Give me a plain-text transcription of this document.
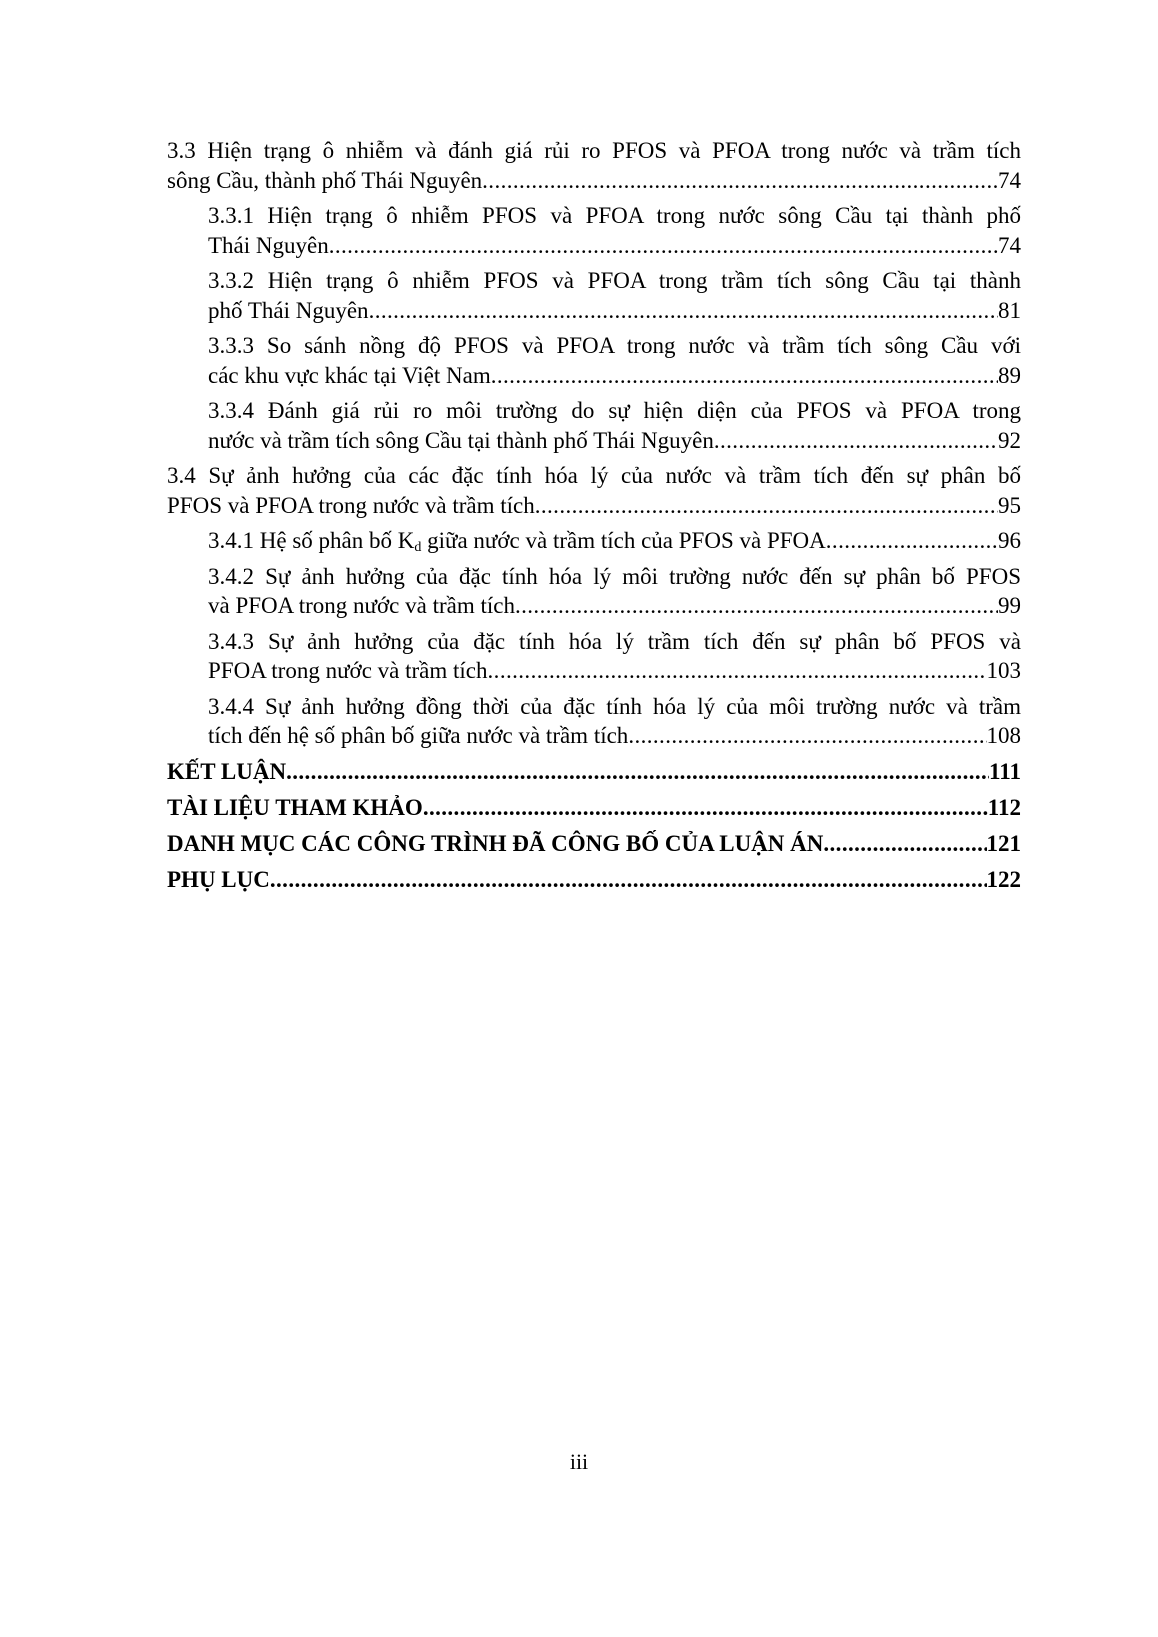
3.3 Hiện trạng ô nhiễm và đánh giá rủi ro PFOS và PFOA trong nước và trầm tích
sông Cầu, thành phố Thái Nguyên .....	74
3.3.1 Hiện trạng ô nhiễm PFOS và PFOA trong nước sông Cầu tại thành phố
Thái Nguyên .....	74
3.3.2 Hiện trạng ô nhiễm PFOS và PFOA trong trầm tích sông Cầu tại thành
phố Thái Nguyên .....	81
3.3.3 So sánh nồng độ PFOS và PFOA trong nước và trầm tích sông Cầu với
các khu vực khác tại Việt Nam .....	89
3.3.4 Đánh giá rủi ro môi trường do sự hiện diện của PFOS và PFOA trong
nước và trầm tích sông Cầu tại thành phố Thái Nguyên .....	92
3.4 Sự ảnh hưởng của các đặc tính hóa lý của nước và trầm tích đến sự phân bố
PFOS và PFOA trong nước và trầm tích .....	95
3.4.1 Hệ số phân bố $K_d$ giữa nước và trầm tích của PFOS và PFOA .....	96
3.4.2 Sự ảnh hưởng của đặc tính hóa lý môi trường nước đến sự phân bố PFOS
và PFOA trong nước và trầm tích .....	99
3.4.3 Sự ảnh hưởng của đặc tính hóa lý trầm tích đến sự phân bố PFOS và
PFOA trong nước và trầm tích .....	103
3.4.4 Sự ảnh hưởng đồng thời của đặc tính hóa lý của môi trường nước và trầm
tích đến hệ số phân bố giữa nước và trầm tích .....	108
KẾT LUẬN .....	111
TÀI LIỆU THAM KHẢO .....	112
DANH MỤC CÁC CÔNG TRÌNH ĐÃ CÔNG BỐ CỦA LUẬN ÁN .....	121
PHỤ LỤC .....	122
iii
